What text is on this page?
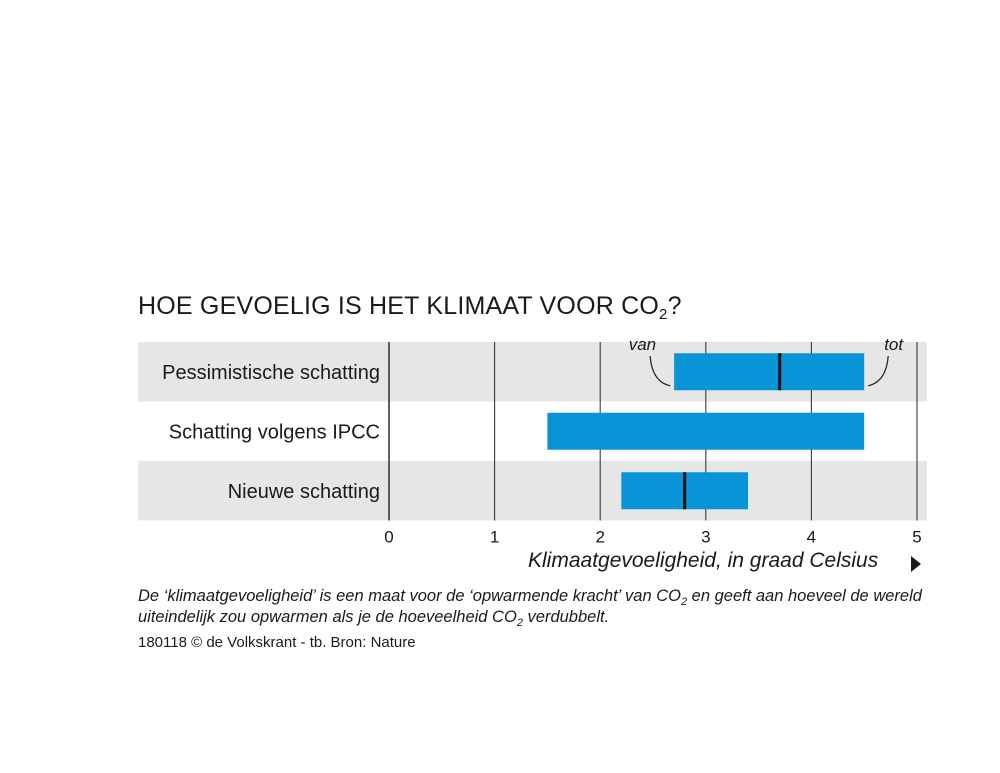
HOE GEVOELIG IS HET KLIMAAT VOOR $CO_2$?
Pessimistische schatting
Schatting volgens IPCC
Nieuwe schatting
0	1	2	3	4	5
van	tot
Klimaatgevoeligheid, in graad Celsius

De ‘klimaatgevoeligheid’ is een maat voor de ‘opwarmende kracht’ van $CO_2$ en geeft aan hoeveel de wereld uiteindelijk zou opwarmen als je de hoeveelheid $CO_2$ verdubbelt.

180118 © de Volkskrant - tb. Bron: Nature
